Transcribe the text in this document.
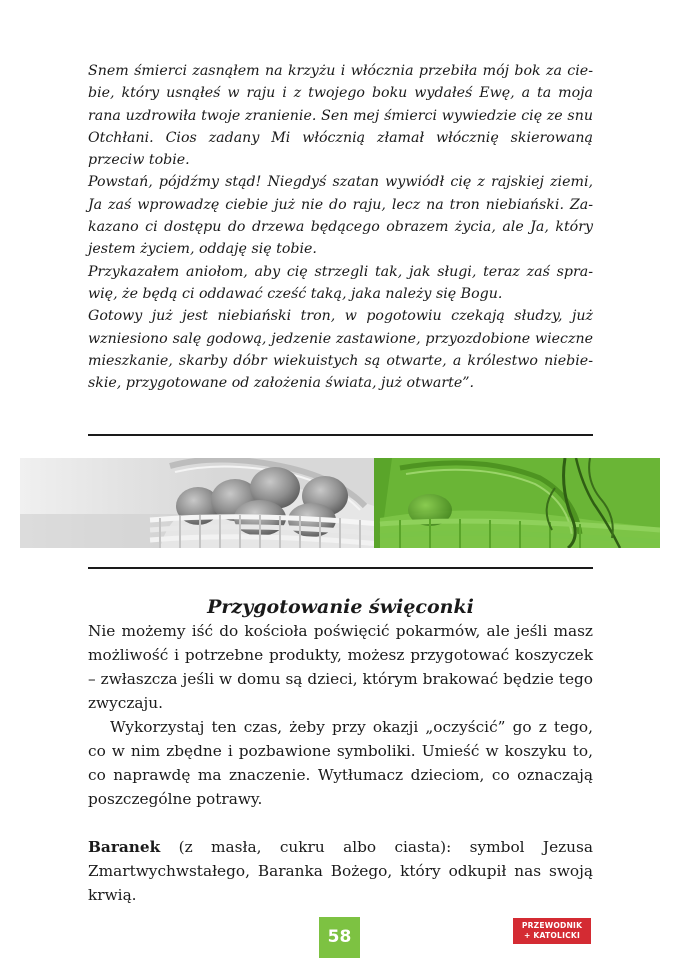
Snem śmierci zasnąłem na krzyżu i włócznia przebiła mój bok za ciebie, który usnąłeś w raju i z twojego boku wydałeś Ewę, a ta moja rana uzdrowiła twoje zranienie. Sen mej śmierci wywiedzie cię ze snu Otchłani. Cios zadany Mi włócznią złamał włócznię skierowaną przeciw tobie.

Powstań, pójdźmy stąd! Niegdyś szatan wywiódł cię z rajskiej ziemi, Ja zaś wprowadzę ciebie już nie do raju, lecz na tron niebiański. Zakazano ci dostępu do drzewa będącego obrazem życia, ale Ja, który jestem życiem, oddaję się tobie.

Przykazałem aniołom, aby cię strzegli tak, jak sługi, teraz zaś sprawię, że będą ci oddawać cześć taką, jaka należy się Bogu.

Gotowy już jest niebiański tron, w pogotowiu czekają słudzy, już wzniesiono salę godową, jedzenie zastawione, przyozdobione wieczne mieszkanie, skarby dóbr wiekuistych są otwarte, a królestwo niebieskie, przygotowane od założenia świata, już otwarte”.

Przygotowanie święconki

Nie możemy iść do kościoła poświęcić pokarmów, ale jeśli masz możliwość i potrzebne produkty, możesz przygotować koszyczek – zwłaszcza jeśli w domu są dzieci, którym brakować będzie tego zwyczaju.

Wykorzystaj ten czas, żeby przy okazji „oczyścić” go z tego, co w nim zbędne i pozbawione symboliki. Umieść w koszyku to, co naprawdę ma znaczenie. Wytłumacz dzieciom, co oznaczają poszczególne potrawy.

Baranek (z masła, cukru albo ciasta): symbol Jezusa Zmartwychwstałego, Baranka Bożego, który odkupił nas swoją krwią.

58
PRZEWODNIK
+ KATOLICKI
